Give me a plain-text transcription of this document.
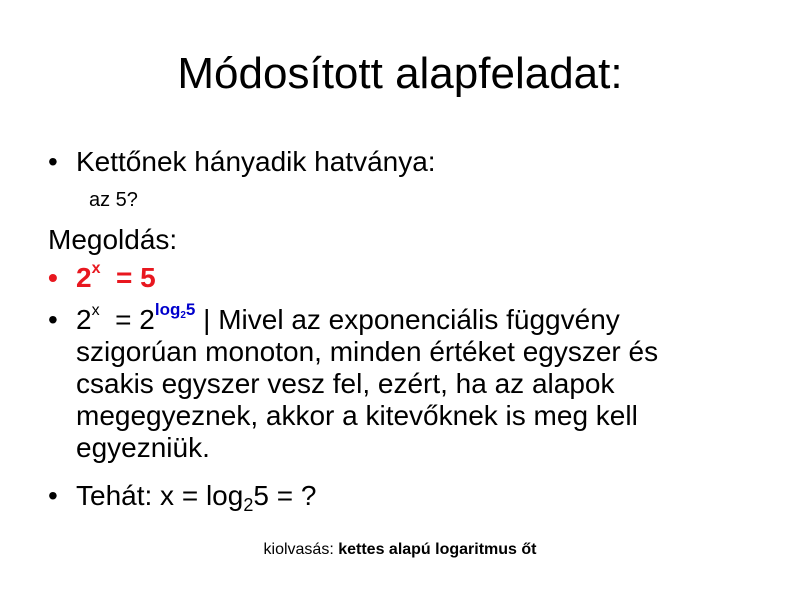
Módosított alapfeladat:
• Kettőnek hányadik hatványa:
az 5?
Megoldás:
• 2$^x$  = 5
• $2^x = 2^{log25}$ | Mivel az exponenciális függvény szigorúan monoton, minden értéket egyszer és csakis egyszer vesz fel, ezért, ha az alapok megegyeznek, akkor a kitevőknek is meg kell egyezniük.
• Tehát: $x = \log_25$ = ?
kiolvasás: kettes alapú logaritmus őt
